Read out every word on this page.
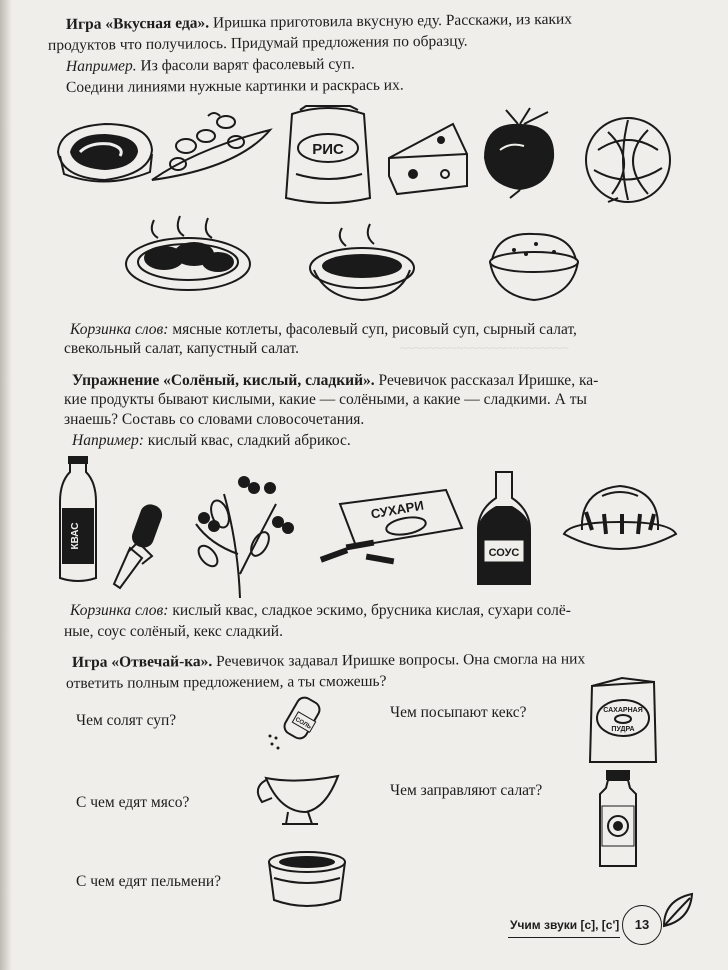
~~~~~~~~~~~~~~~~~~~~~~~~
Игра «Вкусная еда». Иришка приготовила вкусную еду. Расскажи, из каких
продуктов что получилось. Придумай предложения по образцу.
Например. Из фасоли варят фасолевый суп.
Соедини линиями нужные картинки и раскрась их.
РИС
Корзинка слов: мясные котлеты, фасолевый суп, рисовый суп, сырный салат,
свекольный салат, капустный салат.
Упражнение «Солёный, кислый, сладкий». Речевичок рассказал Иришке, ка-
кие продукты бывают кислыми, какие — солёными, а какие — сладкими. А ты
знаешь? Составь со словами словосочетания.
Например: кислый квас, сладкий абрикос.
КВАС
СУХАРИ
СОУС
Корзинка слов: кислый квас, сладкое эскимо, брусника кислая, сухари солё-
ные, соус солёный, кекс сладкий.
Игра «Отвечай-ка». Речевичок задавал Иришке вопросы. Она смогла на них
ответить полным предложением, а ты сможешь?
Чем солят суп?	СОЛЬ
Чем посыпают кекс?	САХАРНАЯ
ПУДРА
С чем едят мясо?
Чем заправляют салат?
С чем едят пельмени?
Учим звуки [с], [с']	13
